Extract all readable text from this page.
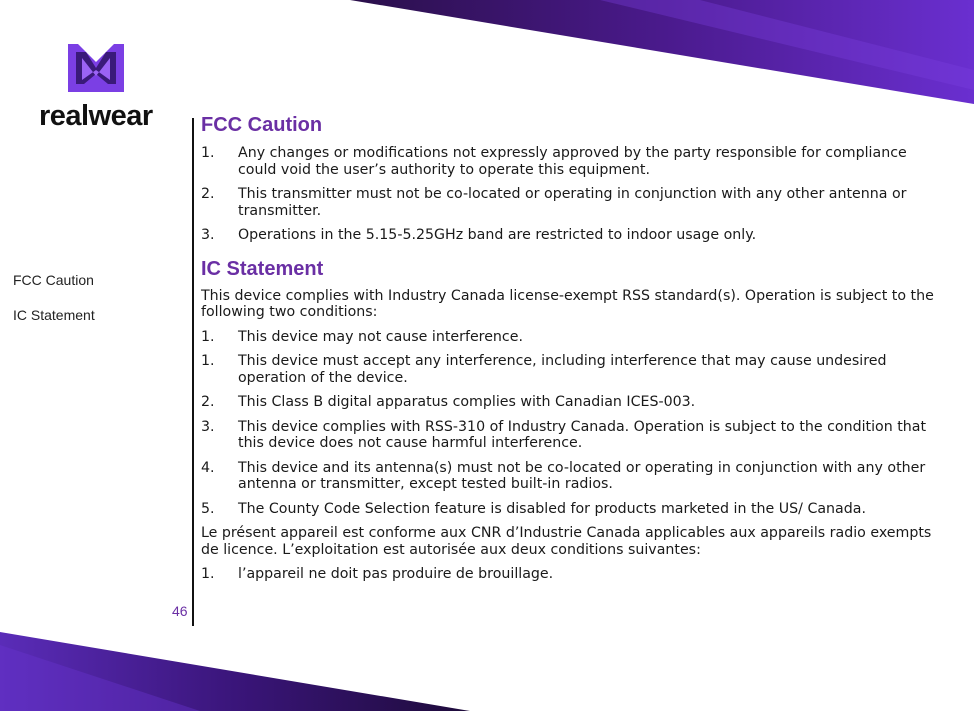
realwear
FCC Caution
IC Statement
46
FCC Caution
1.	Any changes or modifications not expressly approved by the party responsible for compliance could void the user’s authority to operate this equipment.
2.	This transmitter must not be co-located or operating in conjunction with any other antenna or transmitter.
3.	Operations in the 5.15-5.25GHz band are restricted to indoor usage only.
IC Statement

This device complies with Industry Canada license-exempt RSS standard(s). Operation is subject to the following two conditions:

1.	This device may not cause interference.
1.	This device must accept any interference, including interference that may cause undesired operation of the device.
2.	This Class B digital apparatus complies with Canadian ICES-003.
3.	This device complies with RSS-310 of Industry Canada. Operation is subject to the condition that this device does not cause harmful interference.
4.	This device and its antenna(s) must not be co-located or operating in conjunction with any other antenna or transmitter, except tested built-in radios.
5.	The County Code Selection feature is disabled for products marketed in the US/ Canada.

Le présent appareil est conforme aux CNR d’Industrie Canada applicables aux appareils radio exempts de licence. L’exploitation est autorisée aux deux conditions suivantes:

1.	l’appareil ne doit pas produire de brouillage.
